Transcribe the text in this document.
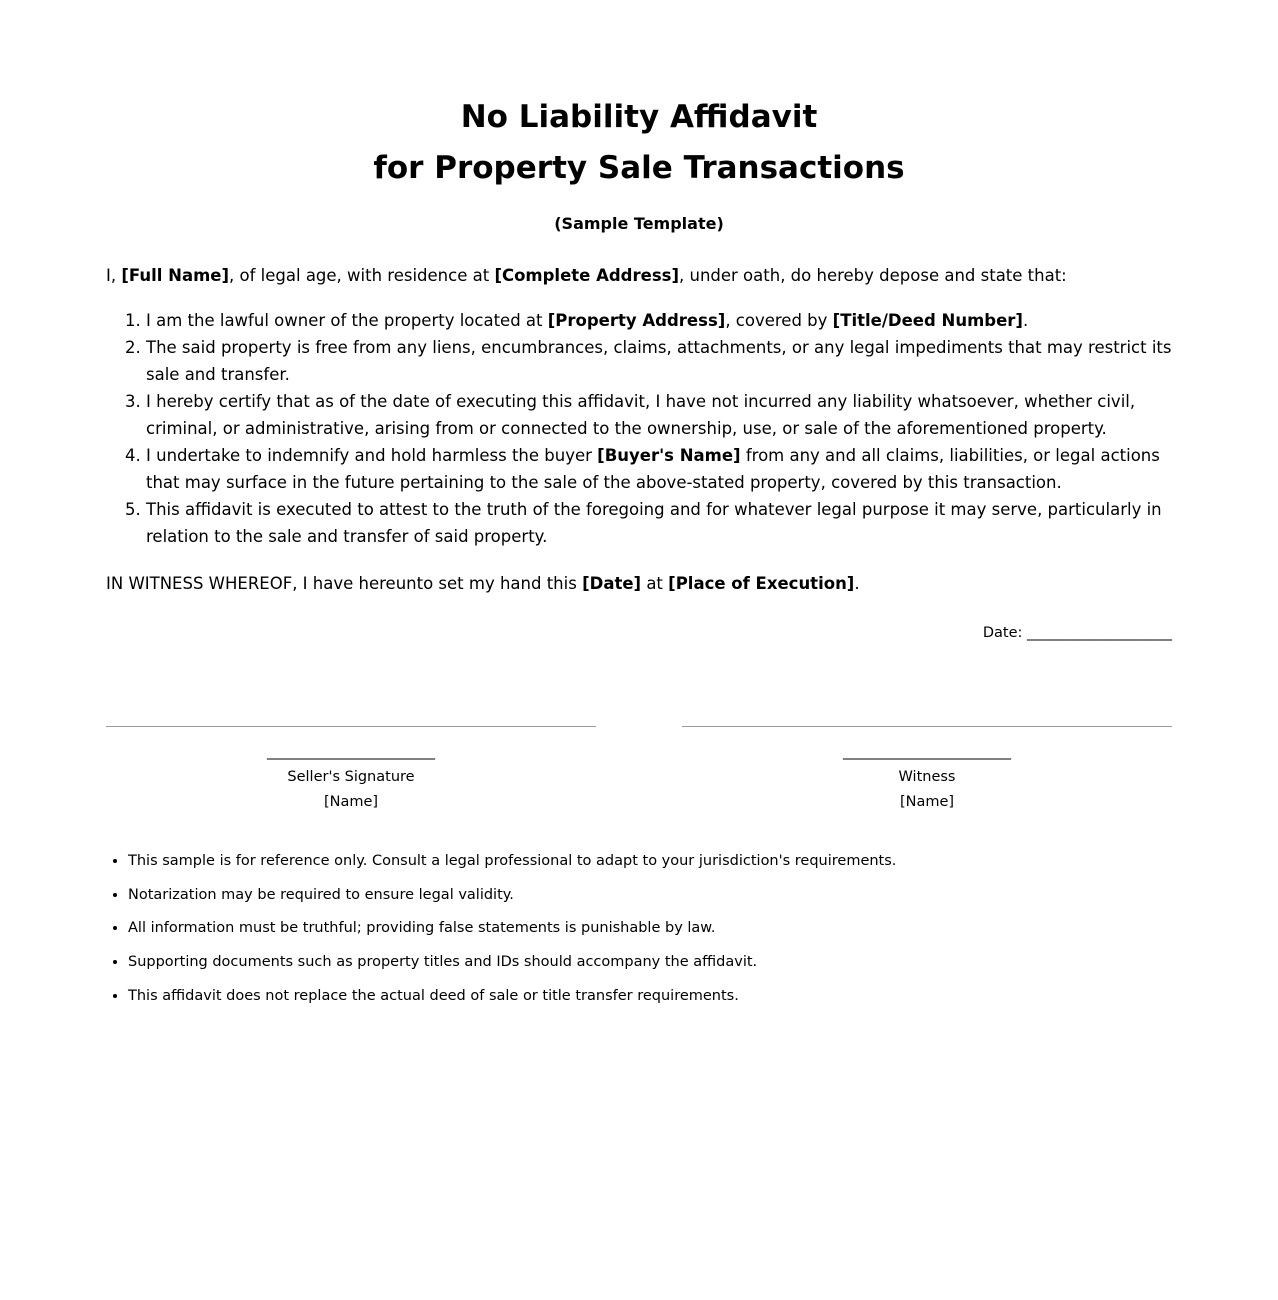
No Liability Affidavit
for Property Sale Transactions
(Sample Template)
I, [Full Name], of legal age, with residence at [Complete Address], under oath, do hereby depose and state that:
1. I am the lawful owner of the property located at [Property Address], covered by [Title/Deed Number].
2. The said property is free from any liens, encumbrances, claims, attachments, or any legal impediments that may restrict its sale and transfer.
3. I hereby certify that as of the date of executing this affidavit, I have not incurred any liability whatsoever, whether civil, criminal, or administrative, arising from or connected to the ownership, use, or sale of the aforementioned property.
4. I undertake to indemnify and hold harmless the buyer [Buyer's Name] from any and all claims, liabilities, or legal actions that may surface in the future pertaining to the sale of the above-stated property, covered by this transaction.
5. This affidavit is executed to attest to the truth of the foregoing and for whatever legal purpose it may serve, particularly in relation to the sale and transfer of said property.
IN WITNESS WHEREOF, I have hereunto set my hand this [Date] at [Place of Execution].
Date: ____________________
________________________
Seller's Signature
[Name]
________________________
Witness
[Name]
• This sample is for reference only. Consult a legal professional to adapt to your jurisdiction's requirements.
• Notarization may be required to ensure legal validity.
• All information must be truthful; providing false statements is punishable by law.
• Supporting documents such as property titles and IDs should accompany the affidavit.
• This affidavit does not replace the actual deed of sale or title transfer requirements.
